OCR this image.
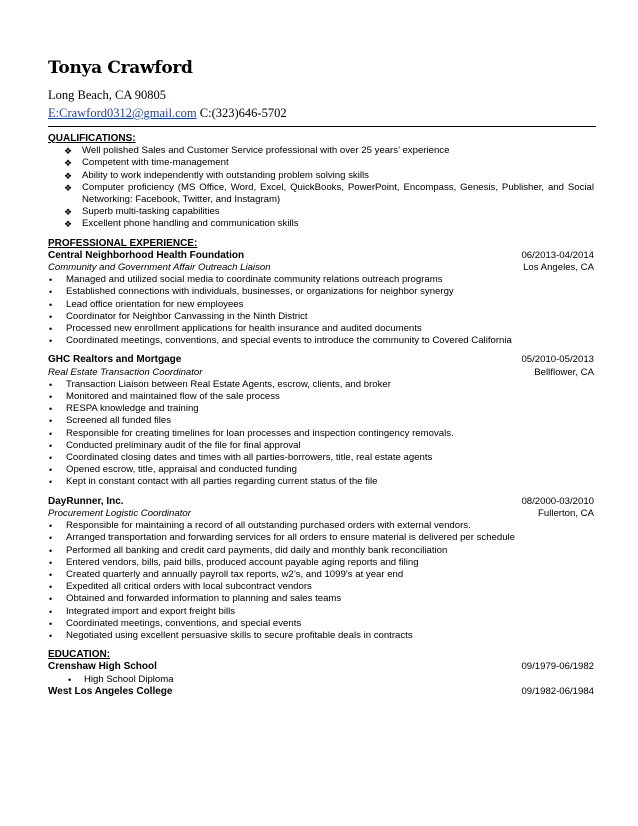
Tonya Crawford
Long Beach, CA 90805
E:Crawford0312@gmail.com C:(323)646-5702
QUALIFICATIONS:
❖ Well polished Sales and Customer Service professional with over 25 years’ experience
❖ Competent with time-management
❖ Ability to work independently with outstanding problem solving skills
❖ Computer proficiency (MS Office, Word, Excel, QuickBooks, PowerPoint, Encompass, Genesis, Publisher, and Social Networking: Facebook, Twitter, and Instagram)
❖ Superb multi-tasking capabilities
❖ Excellent phone handling and communication skills
PROFESSIONAL EXPERIENCE:
Central Neighborhood Health Foundation	06/2013-04/2014
Community and Government Affair Outreach Liaison	Los Angeles, CA
• Managed and utilized social media to coordinate community relations outreach programs
• Established connections with individuals, businesses, or organizations for neighbor synergy
• Lead office orientation for new employees
• Coordinator for Neighbor Canvassing in the Ninth District
• Processed new enrollment applications for health insurance and audited documents
• Coordinated meetings, conventions, and special events to introduce the community to Covered California
GHC Realtors and Mortgage	05/2010-05/2013
Real Estate Transaction Coordinator	Bellflower, CA
• Transaction Liaison between Real Estate Agents, escrow, clients, and broker
• Monitored and maintained flow of the sale process
• RESPA knowledge and training
• Screened all funded files
• Responsible for creating timelines for loan processes and inspection contingency removals.
• Conducted preliminary audit of the file for final approval
• Coordinated closing dates and times with all parties-borrowers, title, real estate agents
• Opened escrow, title, appraisal and conducted funding
• Kept in constant contact with all parties regarding current status of the file
DayRunner, Inc.	08/2000-03/2010
Procurement Logistic Coordinator	Fullerton, CA
• Responsible for maintaining a record of all outstanding purchased orders with external vendors.
• Arranged transportation and forwarding services for all orders to ensure material is delivered per schedule
• Performed all banking and credit card payments, did daily and monthly bank reconciliation
• Entered vendors, bills, paid bills, produced account payable aging reports and filing
• Created quarterly and annually payroll tax reports, w2’s, and 1099’s at year end
• Expedited all critical orders with local subcontract vendors
• Obtained and forwarded information to planning and sales teams
• Integrated import and export freight bills
• Coordinated meetings, conventions, and special events
• Negotiated using excellent persuasive skills to secure profitable deals in contracts
EDUCATION:
Crenshaw High School	09/1979-06/1982
• High School Diploma
West Los Angeles College	09/1982-06/1984
